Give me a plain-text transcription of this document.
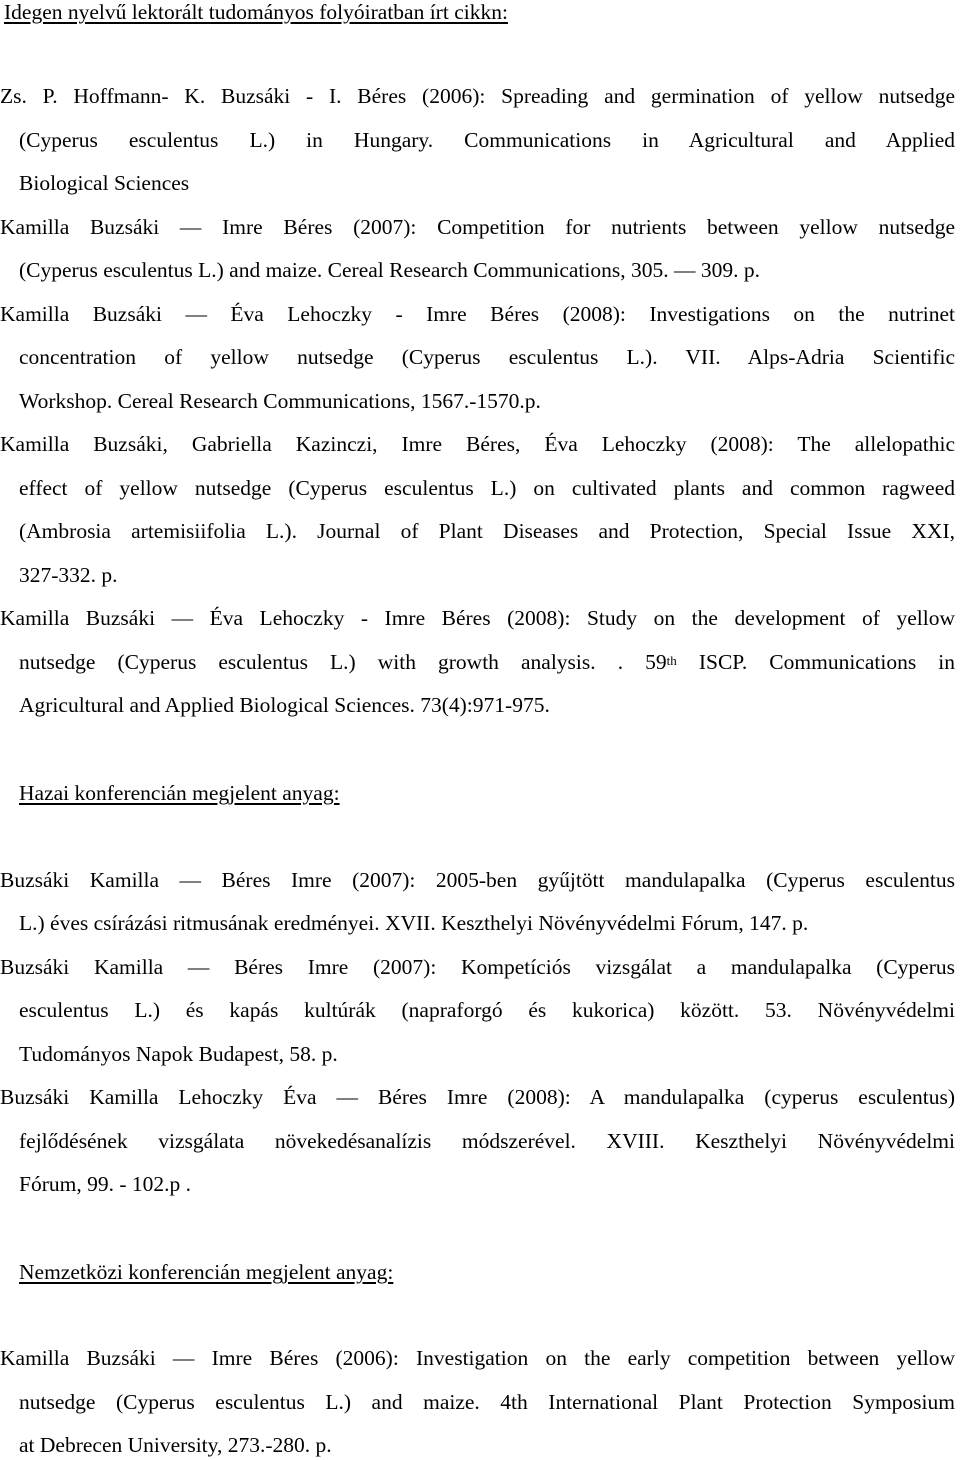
Idegen nyelvű lektorált tudományos folyóiratban írt cikkn:
Zs. P. Hoffmann- K. Buzsáki - I. Béres (2006): Spreading and germination of yellow nutsedge
(Cyperus esculentus L.) in Hungary. Communications in Agricultural and Applied
Biological Sciences
Kamilla Buzsáki ― Imre Béres (2007): Competition for nutrients between yellow nutsedge
(Cyperus esculentus L.) and maize. Cereal Research Communications, 305. ― 309. p.
Kamilla Buzsáki ― Éva Lehoczky - Imre Béres (2008): Investigations on the nutrinet
concentration of yellow nutsedge (Cyperus esculentus L.). VII. Alps-Adria Scientific
Workshop. Cereal Research Communications, 1567.-1570.p.
Kamilla Buzsáki, Gabriella Kazinczi, Imre Béres, Éva Lehoczky (2008): The allelopathic
effect of yellow nutsedge (Cyperus esculentus L.) on cultivated plants and common ragweed
(Ambrosia artemisiifolia L.). Journal of Plant Diseases and Protection, Special Issue XXI,
327-332. p.
Kamilla Buzsáki ― Éva Lehoczky - Imre Béres (2008): Study on the development of yellow
nutsedge (Cyperus esculentus L.) with growth analysis. . 59th ISCP. Communications in
Agricultural and Applied Biological Sciences. 73(4):971-975.
Hazai konferencián megjelent anyag:
Buzsáki Kamilla ― Béres Imre (2007): 2005-ben gyűjtött mandulapalka (Cyperus esculentus
L.) éves csírázási ritmusának eredményei. XVII. Keszthelyi Növényvédelmi Fórum, 147. p.
Buzsáki Kamilla ― Béres Imre (2007): Kompetíciós vizsgálat a mandulapalka (Cyperus
esculentus L.) és kapás kultúrák (napraforgó és kukorica) között. 53. Növényvédelmi
Tudományos Napok Budapest, 58. p.
Buzsáki Kamilla Lehoczky Éva ― Béres Imre (2008): A mandulapalka (cyperus esculentus)
fejlődésének vizsgálata növekedésanalízis módszerével. XVIII. Keszthelyi Növényvédelmi
Fórum, 99. - 102.p .
Nemzetközi konferencián megjelent anyag:
Kamilla Buzsáki ― Imre Béres (2006): Investigation on the early competition between yellow
nutsedge (Cyperus esculentus L.) and maize. 4th International Plant Protection Symposium
at Debrecen University, 273.-280. p.
